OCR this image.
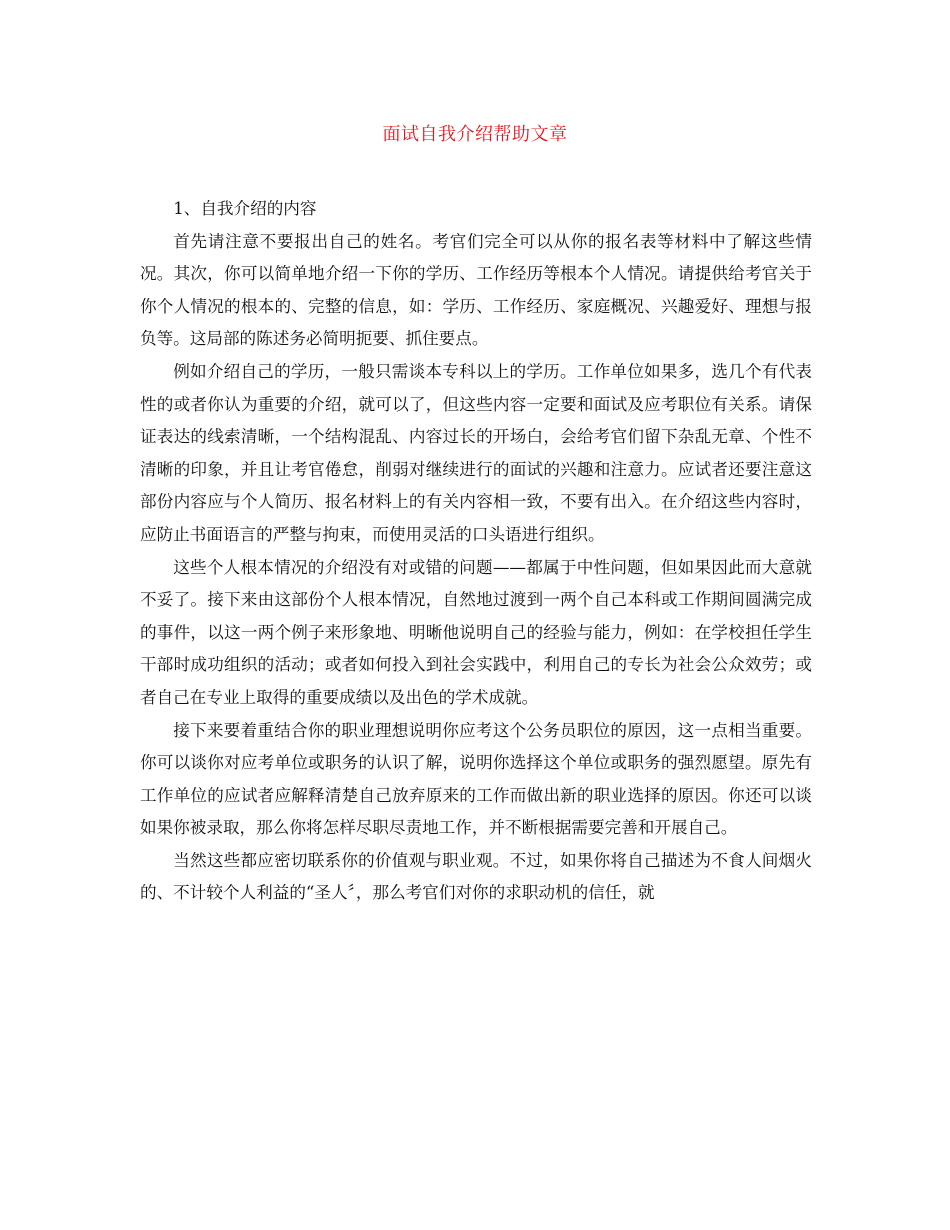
面试自我介绍帮助文章

1、自我介绍的内容

首先请注意不要报出自己的姓名。考官们完全可以从你的报名表等材料中了解这些情况。其次，你可以简单地介绍一下你的学历、工作经历等根本个人情况。请提供给考官关于你个人情况的根本的、完整的信息，如：学历、工作经历、家庭概况、兴趣爱好、理想与报负等。这局部的陈述务必简明扼要、抓住要点。

例如介绍自己的学历，一般只需谈本专科以上的学历。工作单位如果多，选几个有代表性的或者你认为重要的介绍，就可以了，但这些内容一定要和面试及应考职位有关系。请保证表达的线索清晰，一个结构混乱、内容过长的开场白，会给考官们留下杂乱无章、个性不清晰的印象，并且让考官倦怠，削弱对继续进行的面试的兴趣和注意力。应试者还要注意这部份内容应与个人简历、报名材料上的有关内容相一致，不要有出入。在介绍这些内容时，应防止书面语言的严整与拘束，而使用灵活的口头语进行组织。

这些个人根本情况的介绍没有对或错的问题——都属于中性问题，但如果因此而大意就不妥了。接下来由这部份个人根本情况，自然地过渡到一两个自己本科或工作期间圆满完成的事件，以这一两个例子来形象地、明晰他说明自己的经验与能力，例如：在学校担任学生干部时成功组织的活动；或者如何投入到社会实践中，利用自己的专长为社会公众效劳；或者自己在专业上取得的重要成绩以及出色的学术成就。

接下来要着重结合你的职业理想说明你应考这个公务员职位的原因，这一点相当重要。你可以谈你对应考单位或职务的认识了解，说明你选择这个单位或职务的强烈愿望。原先有工作单位的应试者应解释清楚自己放弃原来的工作而做出新的职业选择的原因。你还可以谈如果你被录取，那么你将怎样尽职尽责地工作，并不断根据需要完善和开展自己。

当然这些都应密切联系你的价值观与职业观。不过，如果你将自己描述为不食人间烟火的、不计较个人利益的“圣人〞，那么考官们对你的求职动机的信任，就
